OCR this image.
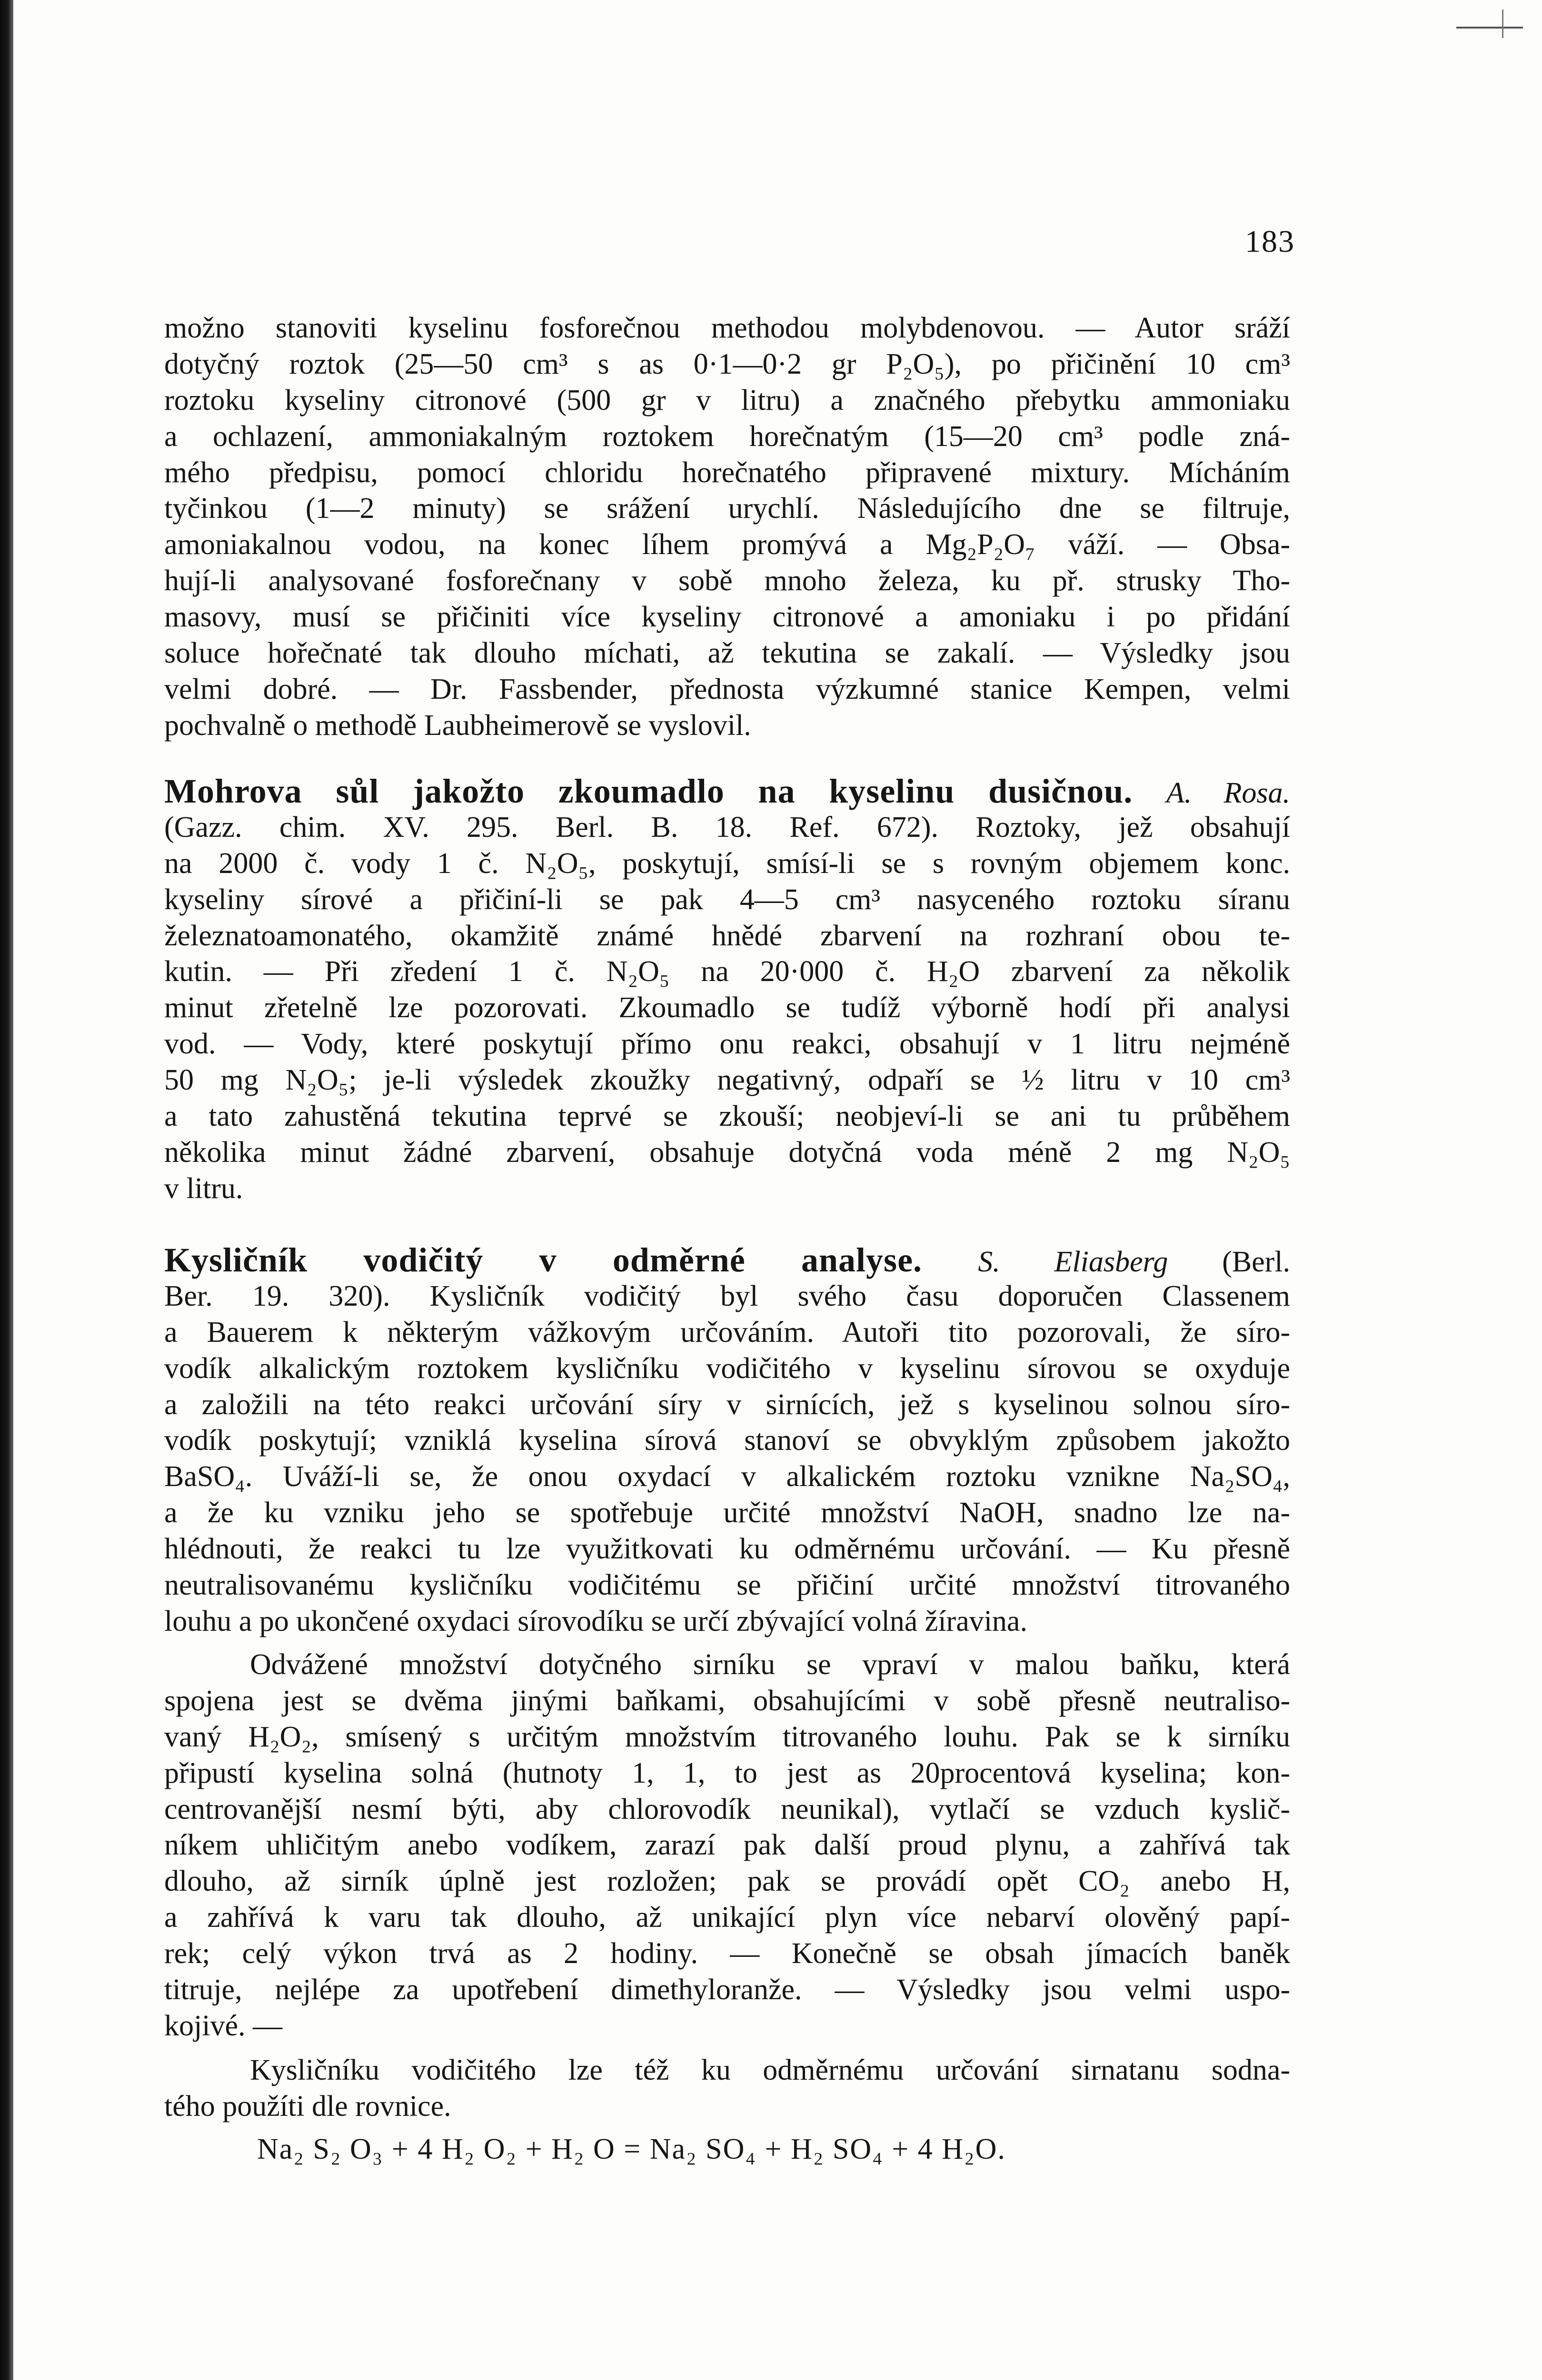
183
možno stanoviti kyselinu fosforečnou methodou molybdenovou. — Autor sráží
dotyčný roztok (25—50 cm³ s as 0·1—0·2 gr P₂O₅), po přičinění 10 cm³
roztoku kyseliny citronové (500 gr v litru) a značného přebytku ammoniaku
a ochlazení, ammoniakalným roztokem horečnatým (15—20 cm³ podle zná-
mého předpisu, pomocí chloridu horečnatého připravené mixtury. Mícháním
tyčinkou (1—2 minuty) se srážení urychlí. Následujícího dne se filtruje,
amoniakalnou vodou, na konec líhem promývá a Mg₂P₂O₇ váží. — Obsa-
hují-li analysované fosforečnany v sobě mnoho železa, ku př. strusky Tho-
masovy, musí se přičiniti více kyseliny citronové a amoniaku i po přidání
soluce hořečnaté tak dlouho míchati, až tekutina se zakalí. — Výsledky jsou
velmi dobré. — Dr. Fassbender, přednosta výzkumné stanice Kempen, velmi
pochvalně o methodě Laubheimerově se vyslovil.
Mohrova sůl jakožto zkoumadlo na kyselinu dusičnou. A. Rosa.
(Gazz. chim. XV. 295. Berl. B. 18. Ref. 672). Roztoky, jež obsahují
na 2000 č. vody 1 č. N₂O₅, poskytují, smísí-li se s rovným objemem konc.
kyseliny sírové a přičiní-li se pak 4—5 cm³ nasyceného roztoku síranu
železnatoamonatého, okamžitě známé hnědé zbarvení na rozhraní obou te-
kutin. — Při zředení 1 č. N₂O₅ na 20·000 č. H₂O zbarvení za několik
minut zřetelně lze pozorovati. Zkoumadlo se tudíž výborně hodí při analysi
vod. — Vody, které poskytují přímo onu reakci, obsahují v 1 litru nejméně
50 mg N₂O₅; je-li výsledek zkoužky negativný, odpaří se ½ litru v 10 cm³
a tato zahustěná tekutina teprvé se zkouší; neobjeví-li se ani tu průběhem
několika minut žádné zbarvení, obsahuje dotyčná voda méně 2 mg N₂O₅
v litru.
Kysličník vodičitý v odměrné analyse. S. Eliasberg (Berl.
Ber. 19. 320). Kysličník vodičitý byl svého času doporučen Classenem
a Bauerem k některým vážkovým určováním. Autoři tito pozorovali, že síro-
vodík alkalickým roztokem kysličníku vodičitého v kyselinu sírovou se oxyduje
a založili na této reakci určování síry v sirnících, jež s kyselinou solnou síro-
vodík poskytují; vzniklá kyselina sírová stanoví se obvyklým způsobem jakožto
BaSO₄. Uváží-li se, že onou oxydací v alkalickém roztoku vznikne Na₂SO₄,
a že ku vzniku jeho se spotřebuje určité množství NaOH, snadno lze na-
hlédnouti, že reakci tu lze využitkovati ku odměrnému určování. — Ku přesně
neutralisovanému kysličníku vodičitému se přičiní určité množství titrovaného
louhu a po ukončené oxydaci sírovodíku se určí zbývající volná žíravina.
Odvážené množství dotyčného sirníku se vpraví v malou baňku, která
spojena jest se dvěma jinými baňkami, obsahujícími v sobě přesně neutraliso-
vaný H₂O₂, smísený s určitým množstvím titrovaného louhu. Pak se k sirníku
připustí kyselina solná (hutnoty 1, 1, to jest as 20procentová kyselina; kon-
centrovanější nesmí býti, aby chlorovodík neunikal), vytlačí se vzduch kyslič-
níkem uhličitým anebo vodíkem, zarazí pak další proud plynu, a zahřívá tak
dlouho, až sirník úplně jest rozložen; pak se provádí opět CO₂ anebo H,
a zahřívá k varu tak dlouho, až unikající plyn více nebarví olověný papí-
rek; celý výkon trvá as 2 hodiny. — Konečně se obsah jímacích baněk
titruje, nejlépe za upotřebení dimethyloranže. — Výsledky jsou velmi uspo-
kojivé. —
Kysličníku vodičitého lze též ku odměrnému určování sirnatanu sodna-
tého použíti dle rovnice.
Na₂ S₂ O₃ + 4 H₂ O₂ + H₂ O = Na₂ SO₄ + H₂ SO₄ + 4 H₂O.
